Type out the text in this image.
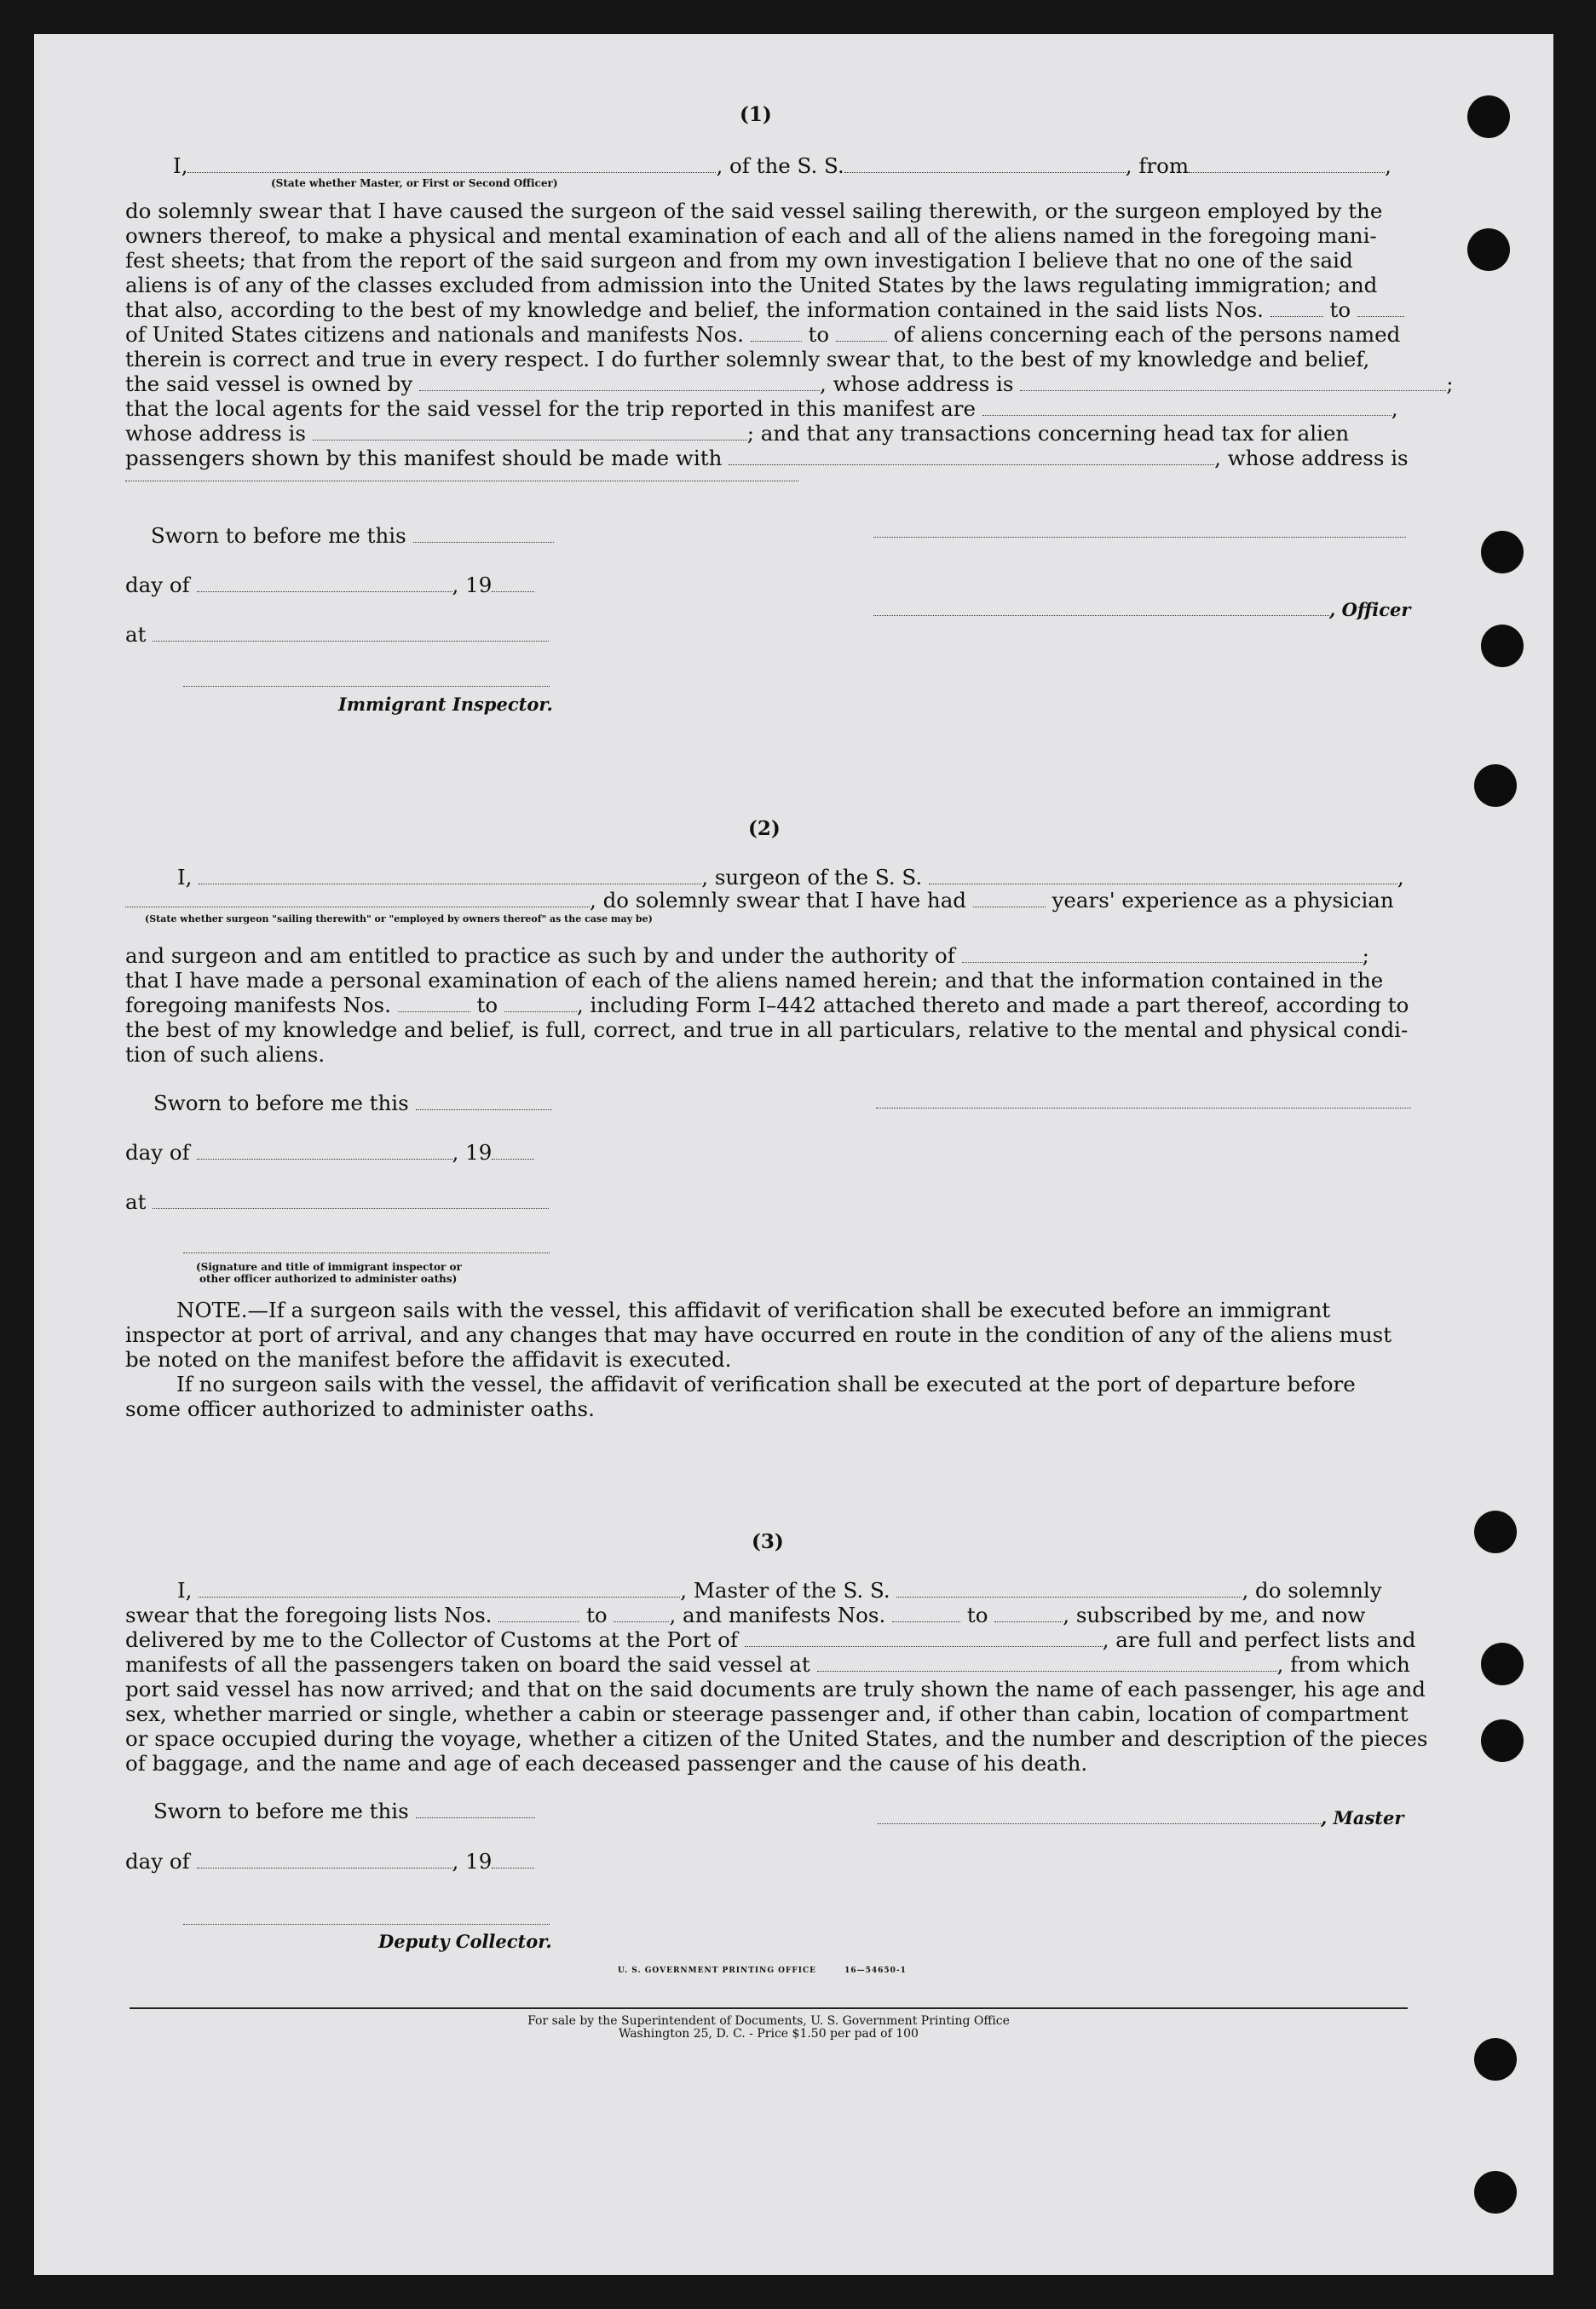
(1)
I,	, of the S. S.	, from	,
(State whether Master, or First or Second Officer)
do solemnly swear that I have caused the surgeon of the said vessel sailing therewith, or the surgeon employed by the
owners thereof, to make a physical and mental examination of each and all of the aliens named in the foregoing mani-
fest sheets; that from the report of the said surgeon and from my own investigation I believe that no one of the said
aliens is of any of the classes excluded from admission into the United States by the laws regulating immigration; and
that also, according to the best of my knowledge and belief, the information contained in the said lists Nos.	to
of United States citizens and nationals and manifests Nos.	to	of aliens concerning each of the persons named
therein is correct and true in every respect. I do further solemnly swear that, to the best of my knowledge and belief,
the said vessel is owned by	, whose address is	;
that the local agents for the said vessel for the trip reported in this manifest are	,
whose address is	; and that any transactions concerning head tax for alien
passengers shown by this manifest should be made with	, whose address is
Sworn to before me this
day of	, 19
, Officer
at
Immigrant Inspector.
(2)
I,	, surgeon of the S. S.	,
, do solemnly swear that I have had	years' experience as a physician
(State whether surgeon "sailing therewith" or "employed by owners thereof" as the case may be)
and surgeon and am entitled to practice as such by and under the authority of	;
that I have made a personal examination of each of the aliens named herein; and that the information contained in the
foregoing manifests Nos.	to	, including Form I–442 attached thereto and made a part thereof, according to
the best of my knowledge and belief, is full, correct, and true in all particulars, relative to the mental and physical condi-
tion of such aliens.
Sworn to before me this
day of	, 19
at
(Signature and title of immigrant inspector or
other officer authorized to administer oaths)
NOTE.—If a surgeon sails with the vessel, this affidavit of verification shall be executed before an immigrant
inspector at port of arrival, and any changes that may have occurred en route in the condition of any of the aliens must
be noted on the manifest before the affidavit is executed.
If no surgeon sails with the vessel, the affidavit of verification shall be executed at the port of departure before
some officer authorized to administer oaths.
(3)
I,	, Master of the S. S.	, do solemnly
swear that the foregoing lists Nos.	to	, and manifests Nos.	to	, subscribed by me, and now
delivered by me to the Collector of Customs at the Port of	, are full and perfect lists and
manifests of all the passengers taken on board the said vessel at	, from which
port said vessel has now arrived; and that on the said documents are truly shown the name of each passenger, his age and
sex, whether married or single, whether a cabin or steerage passenger and, if other than cabin, location of compartment
or space occupied during the voyage, whether a citizen of the United States, and the number and description of the pieces
of baggage, and the name and age of each deceased passenger and the cause of his death.
Sworn to before me this	, Master
day of	, 19
Deputy Collector.
U. S. GOVERNMENT PRINTING OFFICE	16—54650-1
For sale by the Superintendent of Documents, U. S. Government Printing Office
Washington 25, D. C. - Price $1.50 per pad of 100
